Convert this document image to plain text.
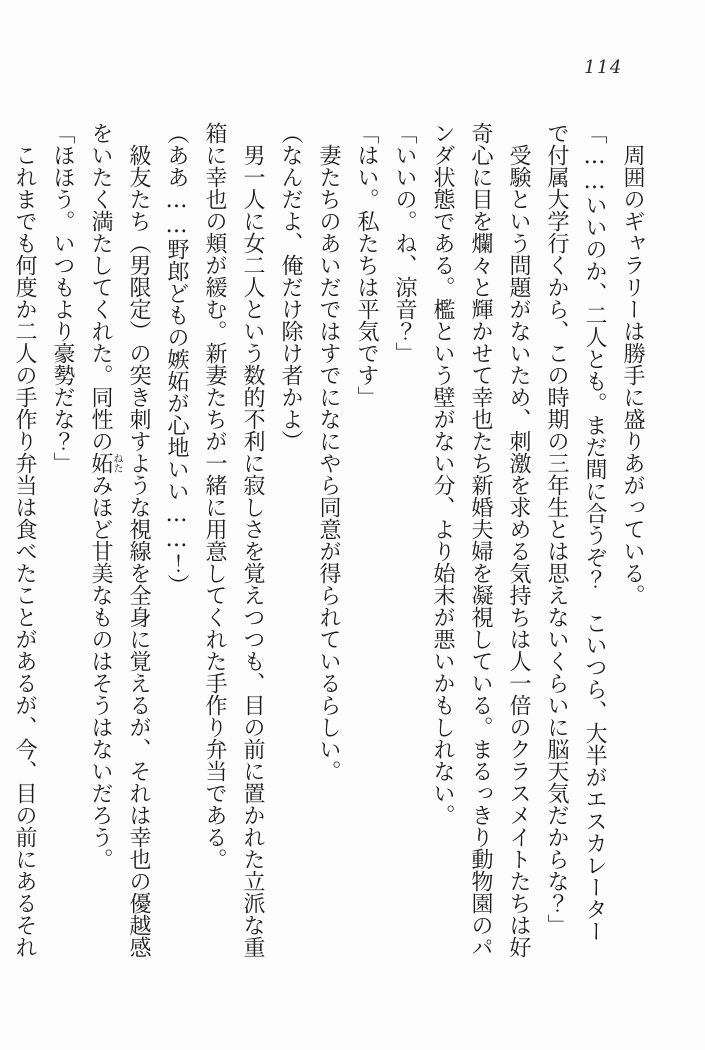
114

周囲のギャラリーは勝手に盛りあがっている。

「……いいのか、二人とも。まだ間に合うぞ？　こいつら、大半がエスカレーターで付属大学行くから、この時期の三年生とは思えないくらいに脳天気だからな？」

受験という問題がないため、刺激を求める気持ちは人一倍のクラスメイトたちは好奇心に目を爛々と輝かせて幸也たち新婚夫婦を凝視している。まるっきり動物園のパンダ状態である。檻という壁がない分、より始末が悪いかもしれない。

「いいの。ね、涼音？」

「はい。私たちは平気です」

妻たちのあいだではすでになにやら同意が得られているらしい。

（なんだよ、俺だけ除け者かよ）

男一人に女二人という数的不利に寂しさを覚えつつも、目の前に置かれた立派な重箱に幸也の頬が緩む。新妻たちが一緒に用意してくれた手作り弁当である。

（ああ……野郎どもの嫉妬が心地いい……！）

級友たち（男限定）の突き刺すような視線を全身に覚えるが、それは幸也の優越感をいたく満たしてくれた。同性の妬ねたみほど甘美なものはそうはないだろう。

「ほほう。いつもより豪勢だな？」

これまでも何度か二人の手作り弁当は食べたことがあるが、今、目の前にあるそれ
